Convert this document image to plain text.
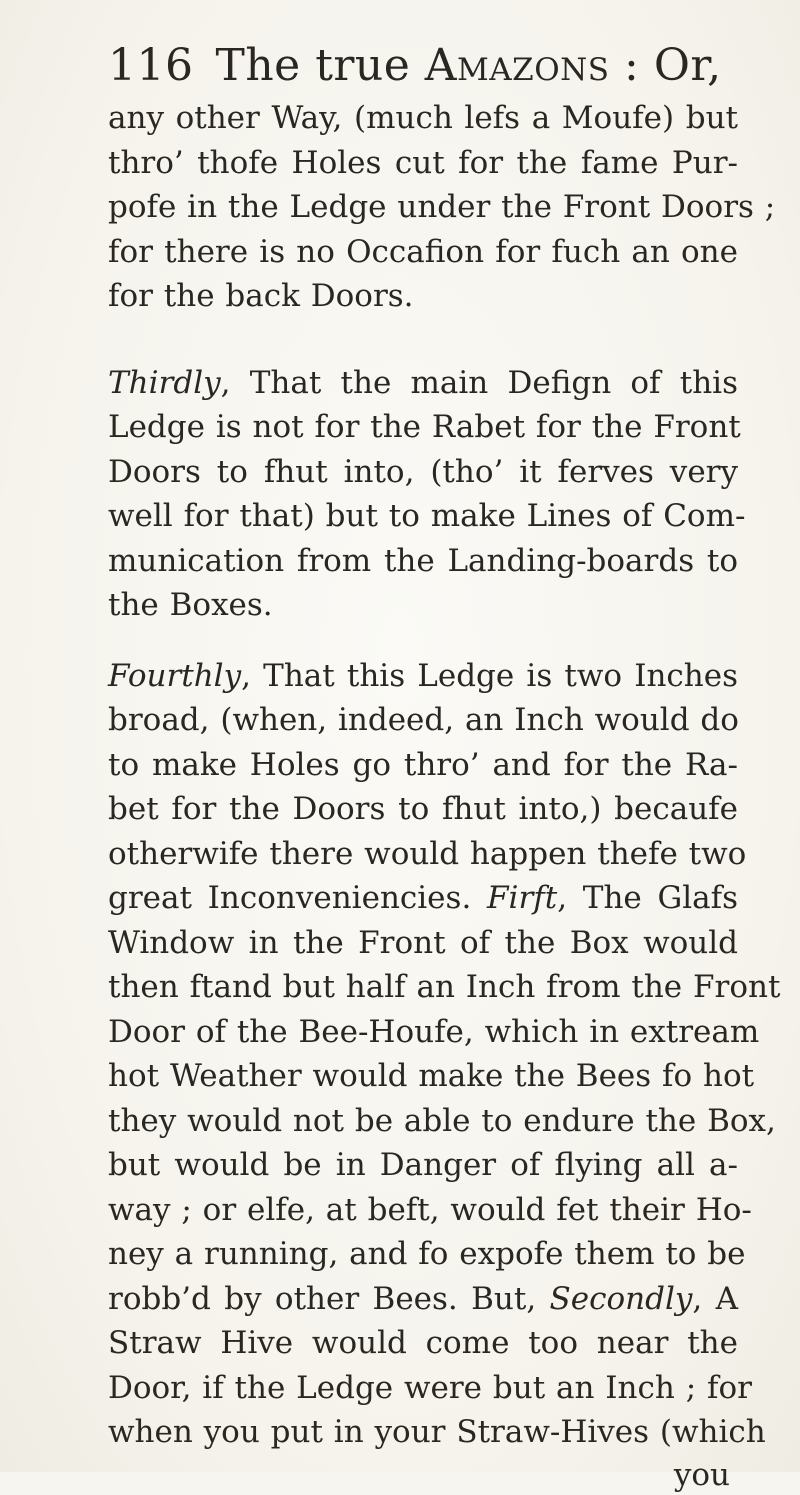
116 The true Amazons : Or,
any other Way, (much lefs a Moufe) but
thro’ thofe Holes cut for the fame Pur-
pofe in the Ledge under the Front Doors ;
for there is no Occafion for fuch an one
for the back Doors.
Thirdly, That the main Defign of this
Ledge is not for the Rabet for the Front
Doors to fhut into, (tho’ it ferves very
well for that) but to make Lines of Com-
munication from the Landing-boards to
the Boxes.
Fourthly, That this Ledge is two Inches
broad, (when, indeed, an Inch would do
to make Holes go thro’ and for the Ra-
bet for the Doors to fhut into,) becaufe
otherwife there would happen thefe two
great Inconveniencies. Firft, The Glafs
Window in the Front of the Box would
then ftand but half an Inch from the Front
Door of the Bee-Houfe, which in extream
hot Weather would make the Bees fo hot
they would not be able to endure the Box,
but would be in Danger of flying all a-
way ; or elfe, at beft, would fet their Ho-
ney a running, and fo expofe them to be
robb’d by other Bees. But, Secondly, A
Straw Hive would come too near the
Door, if the Ledge were but an Inch ; for
when you put in your Straw-Hives (which
you
